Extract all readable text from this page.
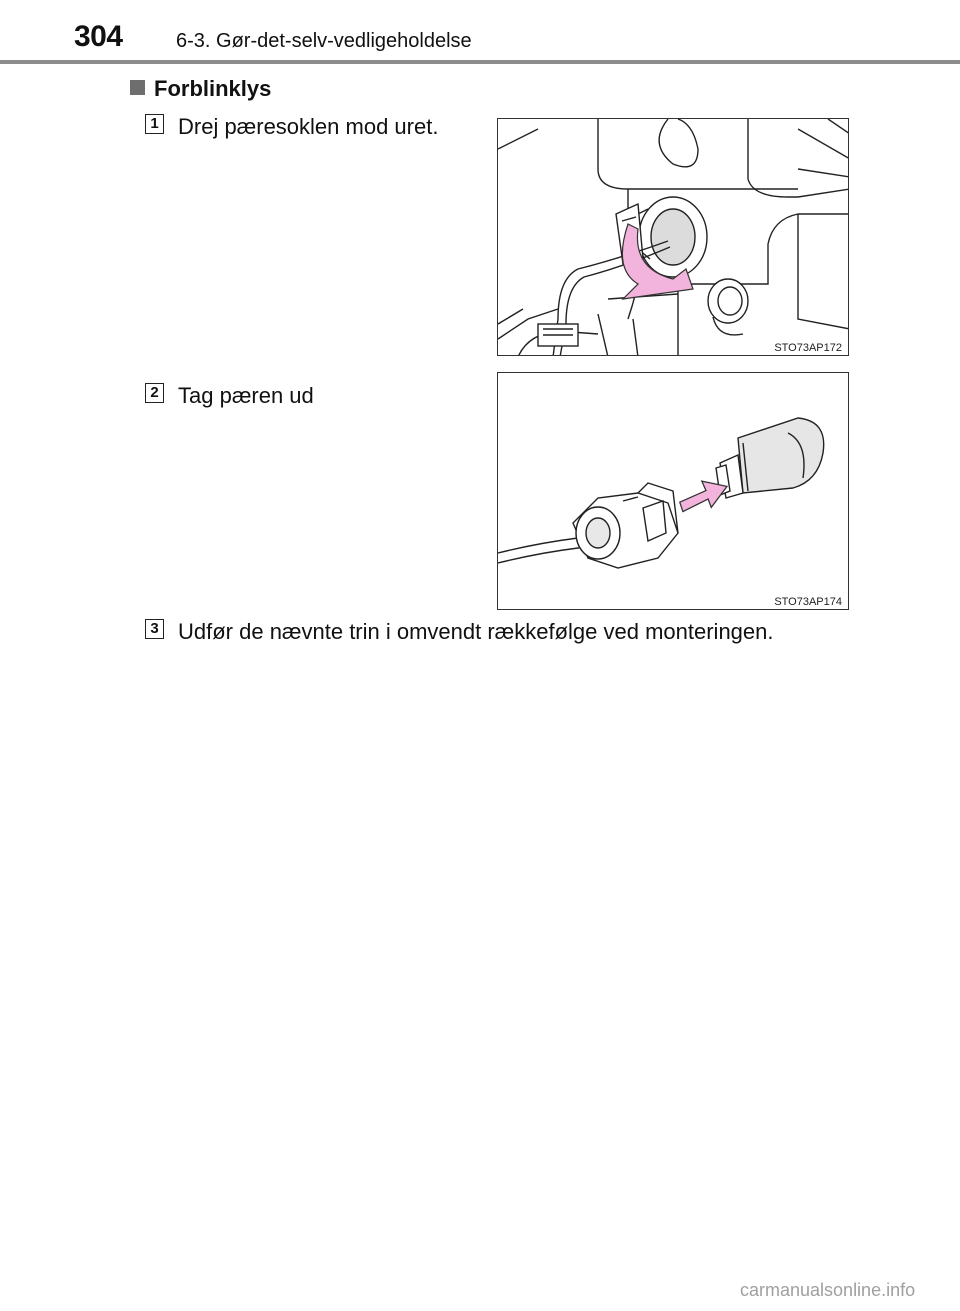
304	6-3. Gør-det-selv-vedligeholdelse
Forblinklys
1 Drej pæresoklen mod uret.
STO73AP172
2 Tag pæren ud
STO73AP174
3 Udfør de nævnte trin i omvendt rækkefølge ved monteringen.
carmanualsonline.info
